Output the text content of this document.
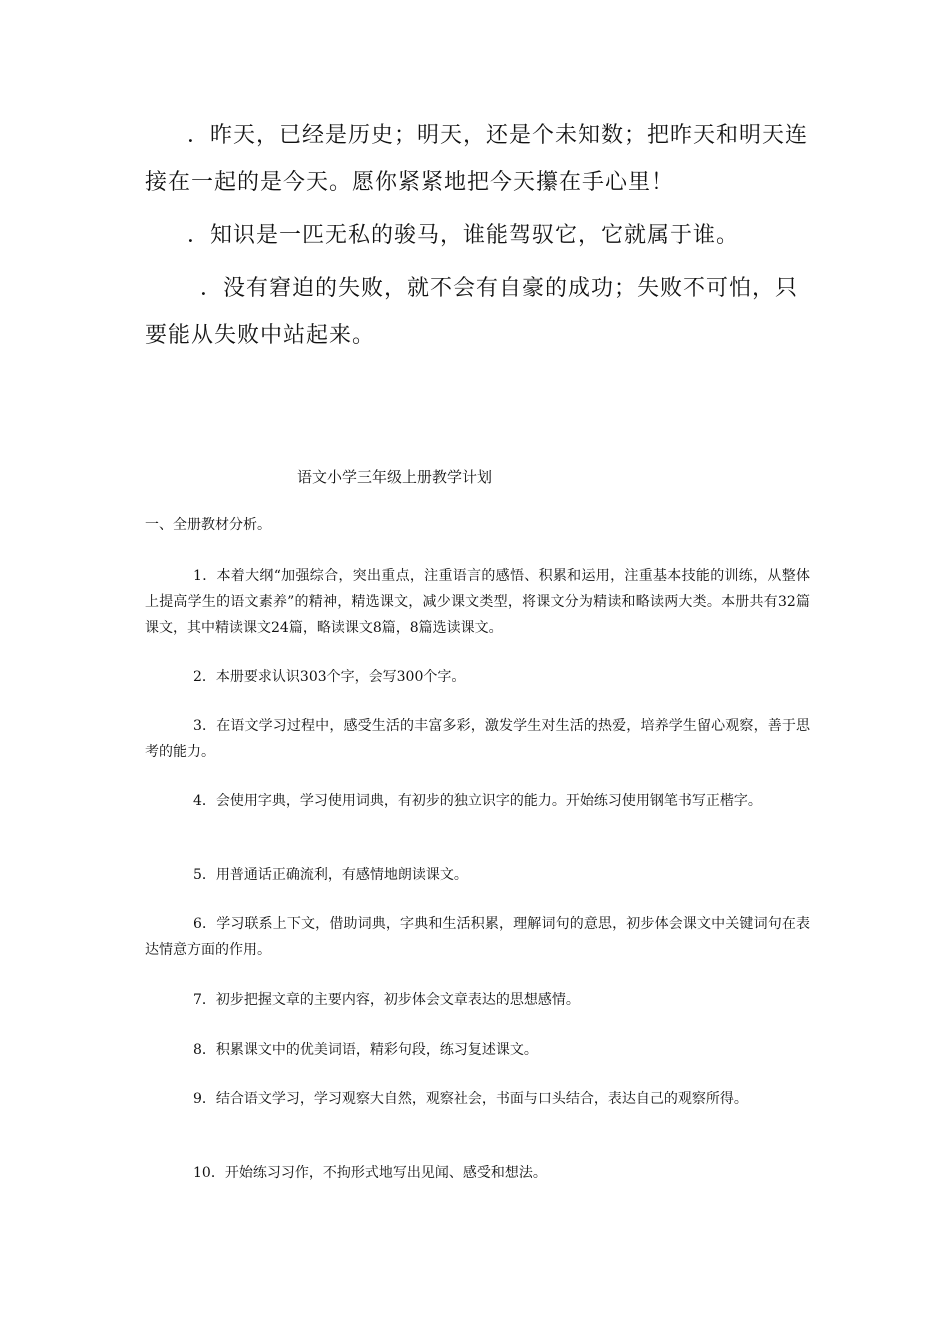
．昨天，已经是历史；明天，还是个未知数；把昨天和明天连接在一起的是今天。愿你紧紧地把今天攥在手心里！

．知识是一匹无私的骏马，谁能驾驭它，它就属于谁。

．没有窘迫的失败，就不会有自豪的成功；失败不可怕，只要能从失败中站起来。

语文小学三年级上册教学计划
一、全册教材分析。

1．本着大纲“加强综合，突出重点，注重语言的感悟、积累和运用，注重基本技能的训练，从整体上提高学生的语文素养”的精神，精选课文，减少课文类型，将课文分为精读和略读两大类。本册共有32篇课文，其中精读课文24篇，略读课文8篇，8篇选读课文。

2．本册要求认识303个字，会写300个字。

3．在语文学习过程中，感受生活的丰富多彩，激发学生对生活的热爱，培养学生留心观察，善于思考的能力。

4．会使用字典，学习使用词典，有初步的独立识字的能力。开始练习使用钢笔书写正楷字。

5．用普通话正确流利，有感情地朗读课文。

6．学习联系上下文，借助词典，字典和生活积累，理解词句的意思，初步体会课文中关键词句在表达情意方面的作用。

7．初步把握文章的主要内容，初步体会文章表达的思想感情。

8．积累课文中的优美词语，精彩句段，练习复述课文。

9．结合语文学习，学习观察大自然，观察社会，书面与口头结合，表达自己的观察所得。

10．开始练习习作，不拘形式地写出见闻、感受和想法。
